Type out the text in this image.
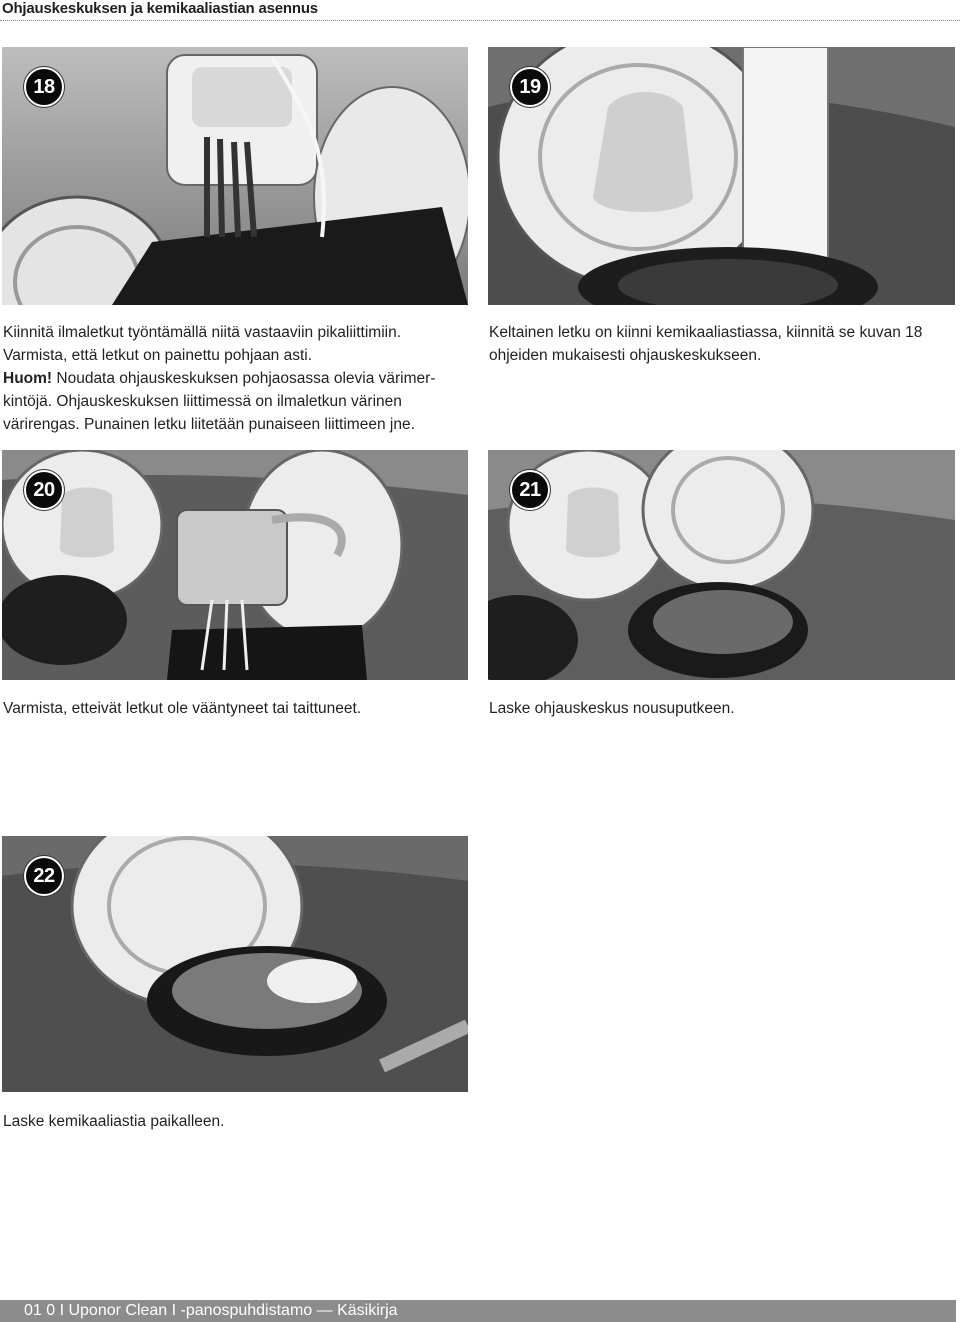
Ohjauskeskuksen ja kemikaaliastian asennus
18
Kiinnitä ilmaletkut työntämällä niitä vastaaviin pikaliittimiin.
Varmista, että letkut on painettu pohjaan asti.
Huom! Noudata ohjauskeskuksen pohjaosassa olevia värimer-kintöjä. Ohjauskeskuksen liittimessä on ilmaletkun värinen värirengas. Punainen letku liitetään punaiseen liittimeen jne.
19
Keltainen letku on kiinni kemikaaliastiassa, kiinnitä se kuvan 18 ohjeiden mukaisesti ohjauskeskukseen.
20
Varmista, etteivät letkut ole vääntyneet tai taittuneet.
21
Laske ohjauskeskus nousuputkeen.
22
Laske kemikaaliastia paikalleen.
01 0 I Uponor Clean I -panospuhdistamo — Käsikirja
